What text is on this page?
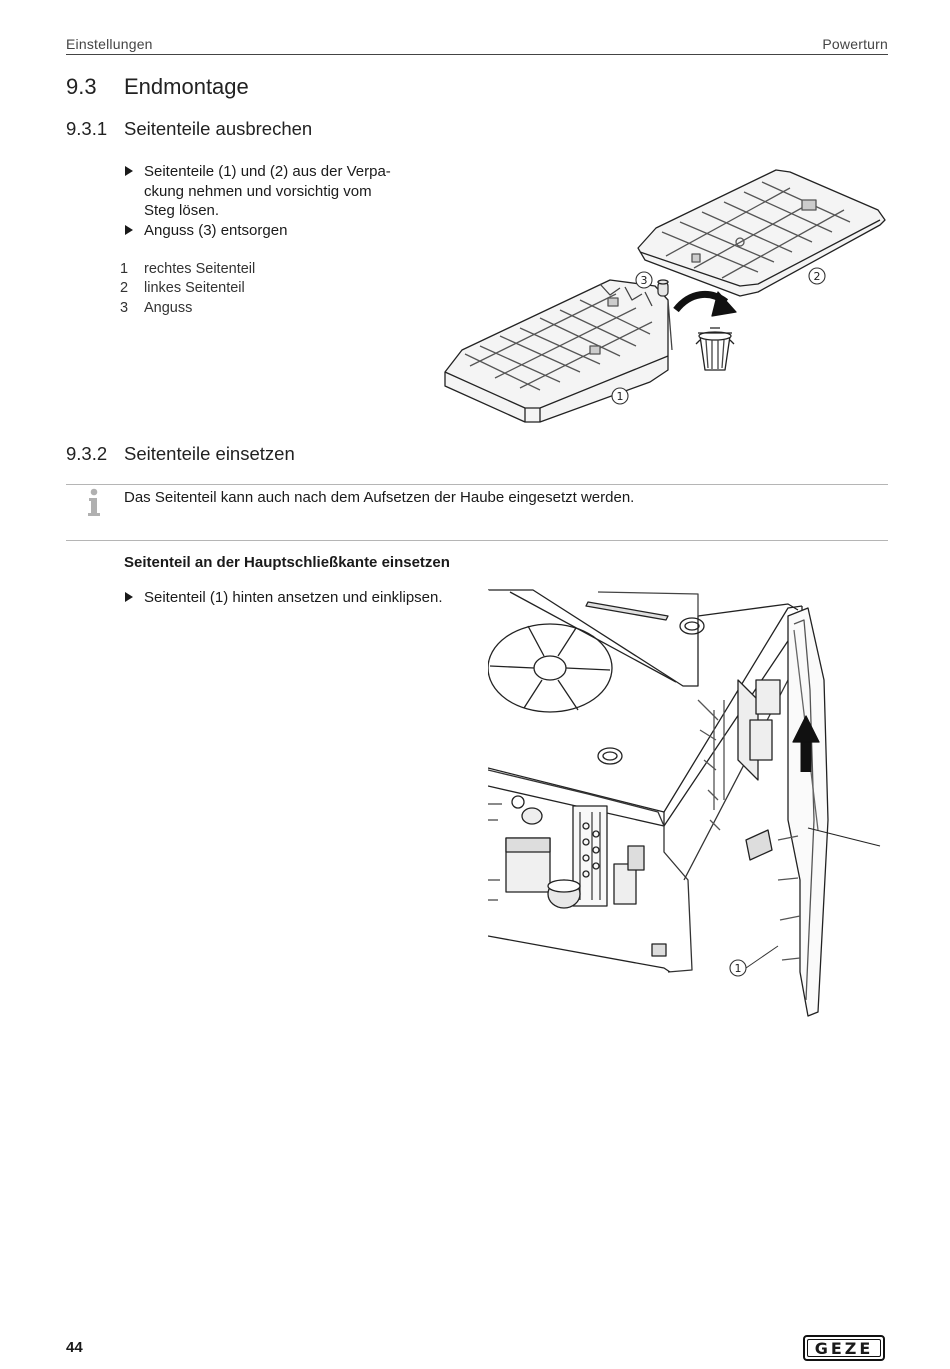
Einstellungen	Powerturn
9.3 Endmontage
9.3.1 Seitenteile ausbrechen
Seitenteile (1) und (2) aus der Verpa-
ckung nehmen und vorsichtig vom
Steg lösen.
Anguss (3) entsorgen
1	rechtes Seitenteil
2	linkes Seitenteil
3	Anguss
1
2
3
9.3.2 Seitenteile einsetzen
Das Seitenteil kann auch nach dem Aufsetzen der Haube eingesetzt werden.
Seitenteil an der Hauptschließkante einsetzen
Seitenteil (1) hinten ansetzen und einklipsen.
1
44	GEZE
